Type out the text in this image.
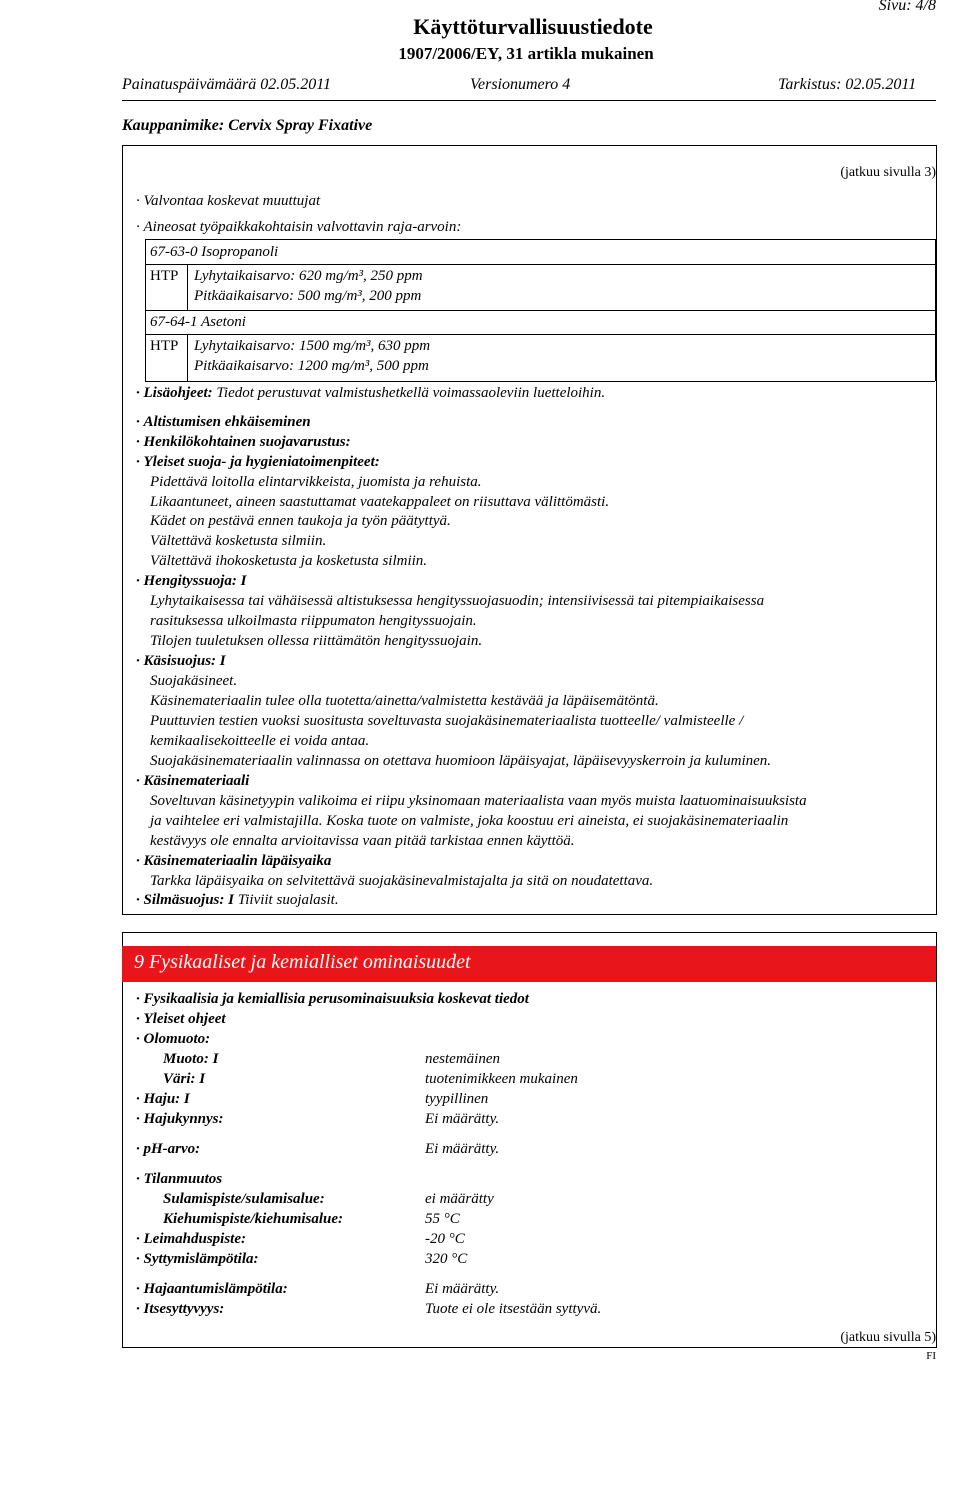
Sivu: 4/8
Käyttöturvallisuustiedote
1907/2006/EY, 31 artikla mukainen
Painatuspäivämäärä 02.05.2011	Versionumero 4	Tarkistus: 02.05.2011
Kauppanimike: Cervix Spray Fixative
(jatkuu sivulla 3)
· Valvontaa koskevat muuttujat
· Aineosat työpaikkakohtaisin valvottavin raja-arvoin:
67-63-0 Isopropanoli
HTP Lyhytaikaisarvo: 620 mg/m³, 250 ppm
Pitkäaikaisarvo: 500 mg/m³, 200 ppm
67-64-1 Asetoni
HTP Lyhytaikaisarvo: 1500 mg/m³, 630 ppm
Pitkäaikaisarvo: 1200 mg/m³, 500 ppm
· Lisäohjeet: Tiedot perustuvat valmistushetkellä voimassaoleviin luetteloihin.
· Altistumisen ehkäiseminen
· Henkilökohtainen suojavarustus:
· Yleiset suoja- ja hygieniatoimenpiteet:
Pidettävä loitolla elintarvikkeista, juomista ja rehuista.
Likaantuneet, aineen saastuttamat vaatekappaleet on riisuttava välittömästi.
Kädet on pestävä ennen taukoja ja työn päätyttyä.
Vältettävä kosketusta silmiin.
Vältettävä ihokosketusta ja kosketusta silmiin.
· Hengityssuoja: I
Lyhytaikaisessa tai vähäisessä altistuksessa hengityssuojasuodin; intensiivisessä tai pitempiaikaisessa
rasituksessa ulkoilmasta riippumaton hengityssuojain.
Tilojen tuuletuksen ollessa riittämätön hengityssuojain.
· Käsisuojus: I
Suojakäsineet.
Käsinemateriaalin tulee olla tuotetta/ainetta/valmistetta kestävää ja läpäisemätöntä.
Puuttuvien testien vuoksi suositusta soveltuvasta suojakäsinemateriaalista tuotteelle/ valmisteelle /
kemikaalisekoitteelle ei voida antaa.
Suojakäsinemateriaalin valinnassa on otettava huomioon läpäisyajat, läpäisevyyskerroin ja kuluminen.
· Käsinemateriaali
Soveltuvan käsinetyypin valikoima ei riipu yksinomaan materiaalista vaan myös muista laatuominaisuuksista
ja vaihtelee eri valmistajilla. Koska tuote on valmiste, joka koostuu eri aineista, ei suojakäsinemateriaalin
kestävyys ole ennalta arvioitavissa vaan pitää tarkistaa ennen käyttöä.
· Käsinemateriaalin läpäisyaika
Tarkka läpäisyaika on selvitettävä suojakäsinevalmistajalta ja sitä on noudatettava.
· Silmäsuojus: I Tiiviit suojalasit.
9 Fysikaaliset ja kemialliset ominaisuudet
· Fysikaalisia ja kemiallisia perusominaisuuksia koskevat tiedot
· Yleiset ohjeet
· Olomuoto:
Muoto: I	nestemäinen
Väri: I	tuotenimikkeen mukainen
· Haju: I	tyypillinen
· Hajukynnys:	Ei määrätty.
· pH-arvo:	Ei määrätty.
· Tilanmuutos
Sulamispiste/sulamisalue:	ei määrätty
Kiehumispiste/kiehumisalue:	55 °C
· Leimahduspiste:	-20 °C
· Syttymislämpötila:	320 °C
· Hajaantumislämpötila:	Ei määrätty.
· Itsesyttyvyys:	Tuote ei ole itsestään syttyvä.
(jatkuu sivulla 5)
FI
